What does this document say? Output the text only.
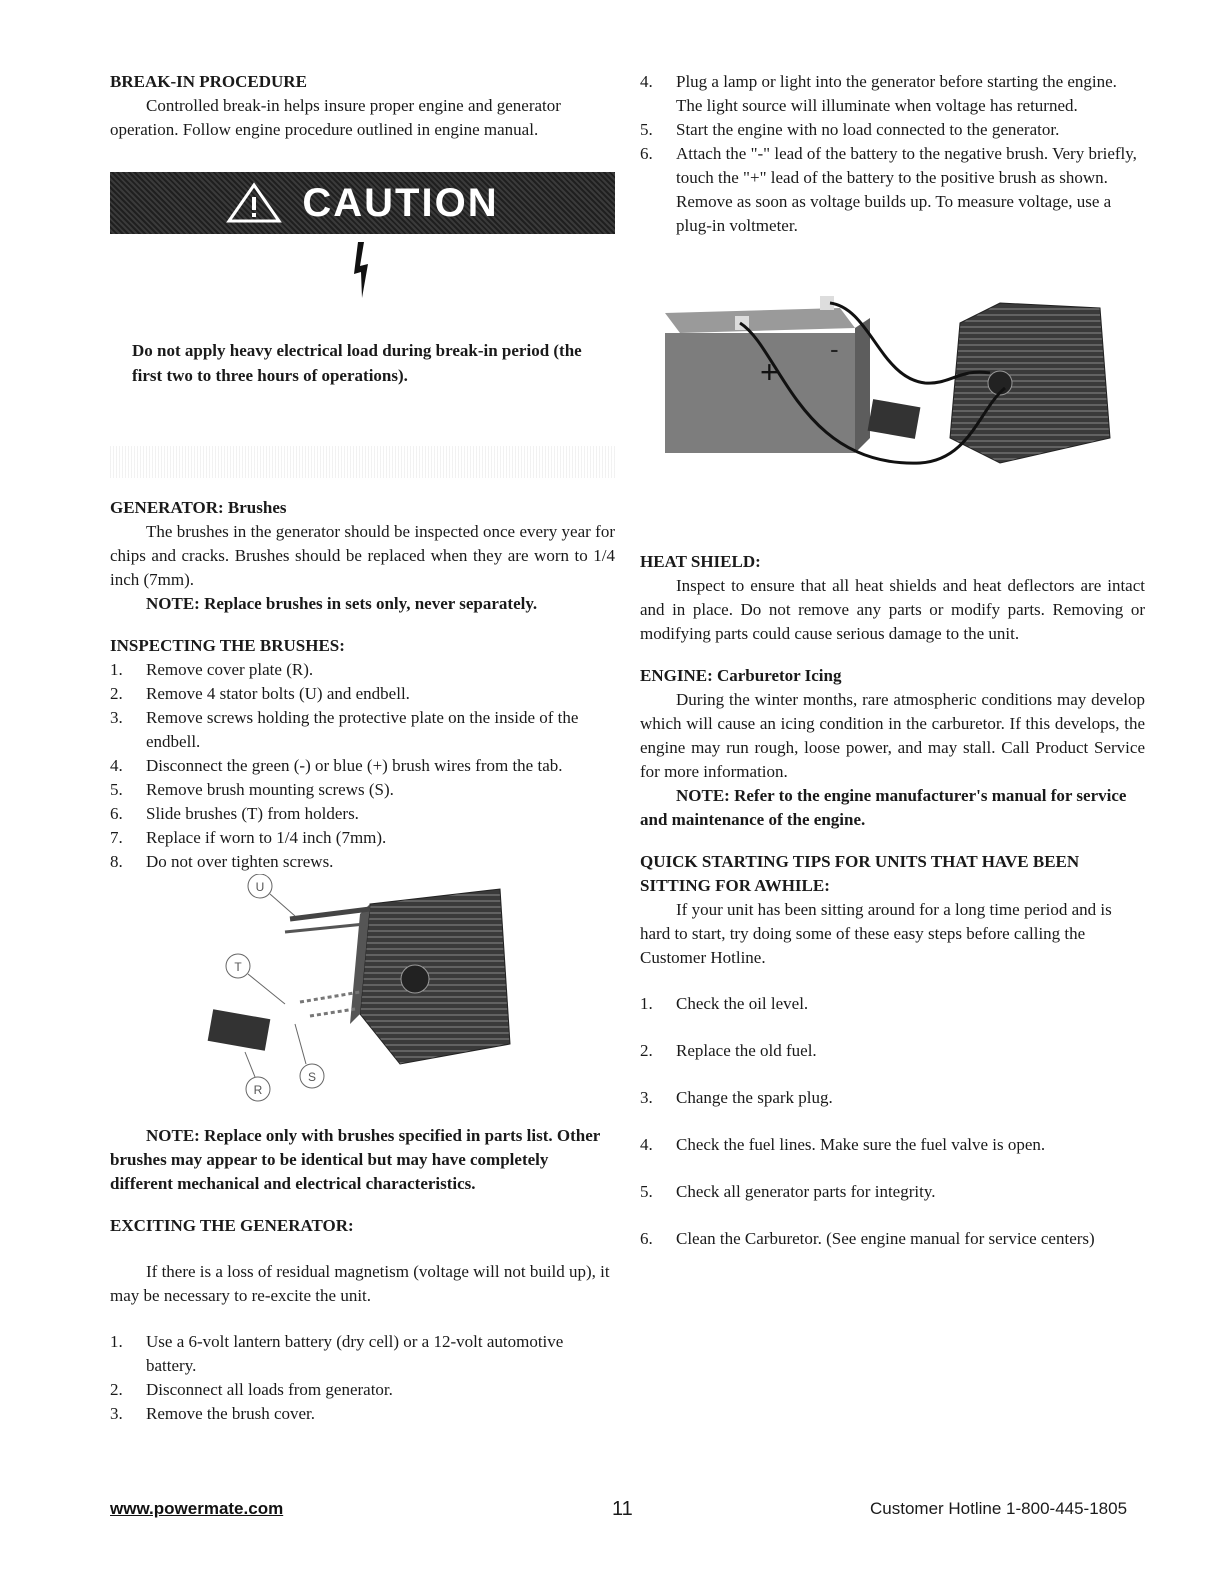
BREAK-IN PROCEDURE

Controlled break-in helps insure proper engine and generator operation. Follow engine procedure outlined in engine manual.

CAUTION

Do not apply heavy electrical load during break-in period (the first two to three hours of operations).

GENERATOR: Brushes

The brushes in the generator should be inspected once every year for chips and cracks. Brushes should be replaced when they are worn to 1/4 inch (7mm).

NOTE: Replace brushes in sets only, never separately.

INSPECTING THE BRUSHES:
1. Remove cover plate (R).
2. Remove 4 stator bolts (U) and endbell.
3. Remove screws holding the protective plate on the inside of the endbell.
4. Disconnect the green (-) or blue (+) brush wires from the tab.
5. Remove brush mounting screws (S).
6. Slide brushes (T) from holders.
7. Replace if worn to 1/4 inch (7mm).
8. Do not over tighten screws.
U
T
R
S

NOTE: Replace only with brushes specified in parts list. Other brushes may appear to be identical but may have completely different mechanical and electrical characteristics.

EXCITING THE GENERATOR:

If there is a loss of residual magnetism (voltage will not build up), it may be necessary to re-excite the unit.

1. Use a 6-volt lantern battery (dry cell) or a 12-volt automotive battery.
2. Disconnect all loads from generator.
3. Remove the brush cover.
4. Plug a lamp or light into the generator before starting the engine. The light source will illuminate when voltage has returned.
5. Start the engine with no load connected to the generator.
6. Attach the "-" lead of the battery to the negative brush. Very briefly, touch the "+" lead of the battery to the positive brush as shown. Remove as soon as voltage builds up. To measure voltage, use a plug-in voltmeter.
+
-
HEAT SHIELD:

Inspect to ensure that all heat shields and heat deflectors are intact and in place. Do not remove any parts or modify parts. Removing or modifying parts could cause serious damage to the unit.

ENGINE: Carburetor Icing

During the winter months, rare atmospheric conditions may develop which will cause an icing condition in the carburetor. If this develops, the engine may run rough, loose power, and may stall. Call Product Service for more information.

NOTE: Refer to the engine manufacturer's manual for service and maintenance of the engine.

QUICK STARTING TIPS FOR UNITS THAT HAVE BEEN SITTING FOR AWHILE:

If your unit has been sitting around for a long time period and is hard to start, try doing some of these easy steps before calling the Customer Hotline.

1. Check the oil level.
2. Replace the old fuel.
3. Change the spark plug.
4. Check the fuel lines. Make sure the fuel valve is open.
5. Check all generator parts for integrity.
6. Clean the Carburetor. (See engine manual for service centers)
www.powermate.com	11	Customer Hotline 1-800-445-1805
